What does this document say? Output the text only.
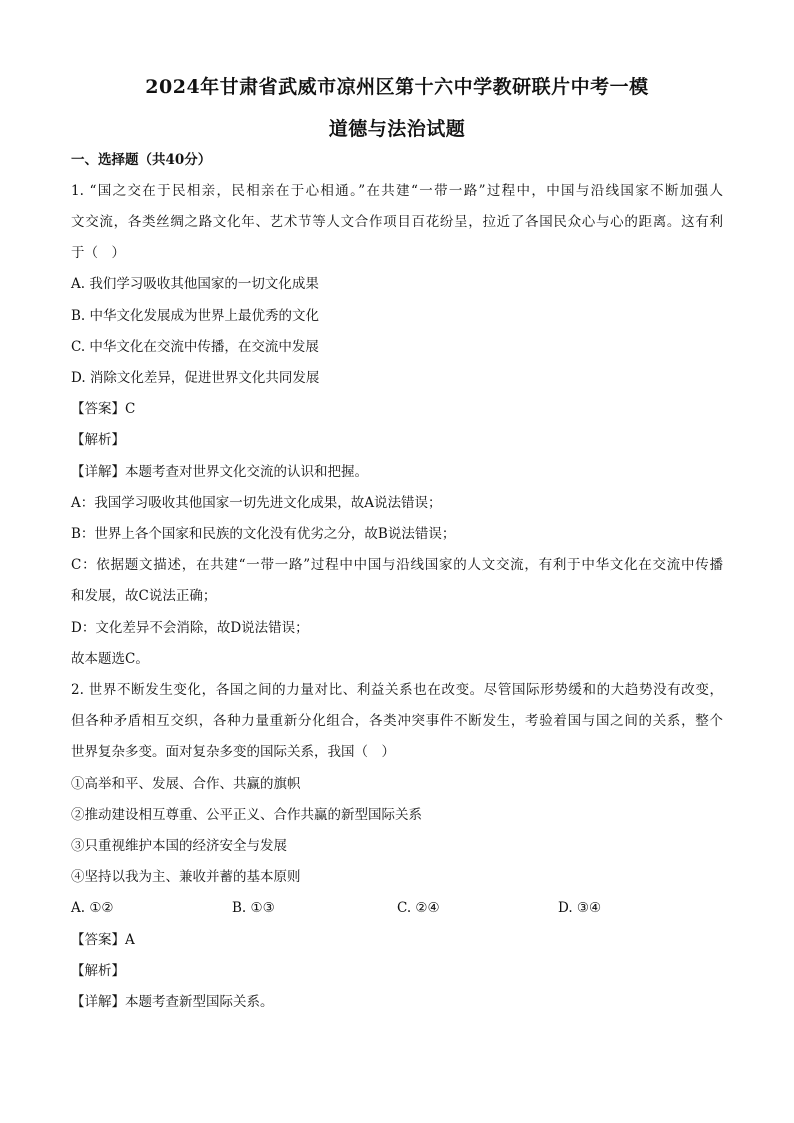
2024年甘肃省武威市凉州区第十六中学教研联片中考一模
道德与法治试题
一、选择题（共40分）
1. “国之交在于民相亲，民相亲在于心相通。”在共建“一带一路”过程中，中国与沿线国家不断加强人
文交流，各类丝绸之路文化年、艺术节等人文合作项目百花纷呈，拉近了各国民众心与心的距离。这有利
于（　）
A. 我们学习吸收其他国家的一切文化成果
B. 中华文化发展成为世界上最优秀的文化
C. 中华文化在交流中传播，在交流中发展
D. 消除文化差异，促进世界文化共同发展
【答案】C
【解析】
【详解】本题考查对世界文化交流的认识和把握。
A：我国学习吸收其他国家一切先进文化成果，故A说法错误；
B：世界上各个国家和民族的文化没有优劣之分，故B说法错误；
C：依据题文描述，在共建“一带一路”过程中中国与沿线国家的人文交流，有利于中华文化在交流中传播
和发展，故C说法正确；
D：文化差异不会消除，故D说法错误；
故本题选C。
2. 世界不断发生变化，各国之间的力量对比、利益关系也在改变。尽管国际形势缓和的大趋势没有改变，
但各种矛盾相互交织，各种力量重新分化组合，各类冲突事件不断发生，考验着国与国之间的关系，整个
世界复杂多变。面对复杂多变的国际关系，我国（　）
①高举和平、发展、合作、共赢的旗帜
②推动建设相互尊重、公平正义、合作共赢的新型国际关系
③只重视维护本国的经济安全与发展
④坚持以我为主、兼收并蓄的基本原则
A. ①②	B. ①③	C. ②④	D. ③④
【答案】A
【解析】
【详解】本题考查新型国际关系。
